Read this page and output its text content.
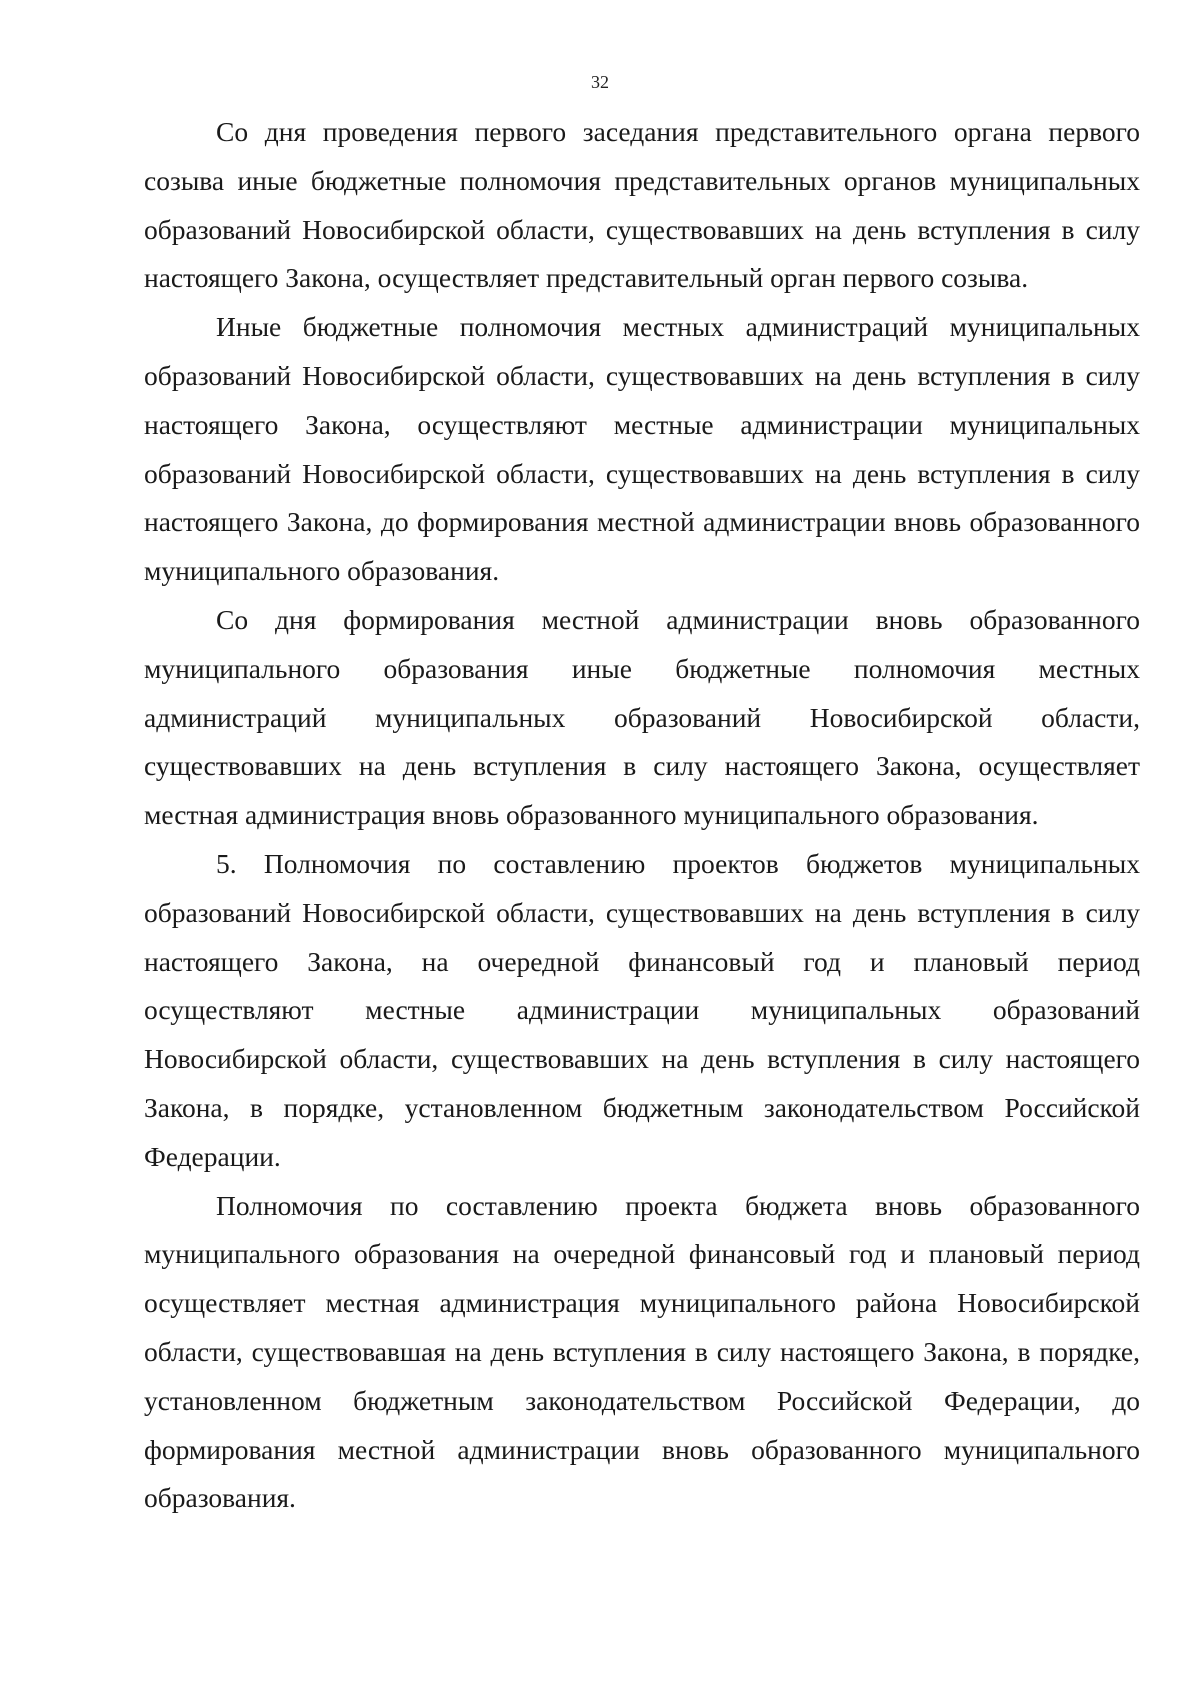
32

Со дня проведения первого заседания представительного органа первого созыва иные бюджетные полномочия представительных органов муниципальных образований Новосибирской области, существовавших на день вступления в силу настоящего Закона, осуществляет представительный орган первого созыва.

Иные бюджетные полномочия местных администраций муниципальных образований Новосибирской области, существовавших на день вступления в силу настоящего Закона, осуществляют местные администрации муниципальных образований Новосибирской области, существовавших на день вступления в силу настоящего Закона, до формирования местной администрации вновь образованного муниципального образования.

Со дня формирования местной администрации вновь образованного муниципального образования иные бюджетные полномочия местных администраций муниципальных образований Новосибирской области, существовавших на день вступления в силу настоящего Закона, осуществляет местная администрация вновь образованного муниципального образования.

5. Полномочия по составлению проектов бюджетов муниципальных образований Новосибирской области, существовавших на день вступления в силу настоящего Закона, на очередной финансовый год и плановый период осуществляют местные администрации муниципальных образований Новосибирской области, существовавших на день вступления в силу настоящего Закона, в порядке, установленном бюджетным законодательством Российской Федерации.

Полномочия по составлению проекта бюджета вновь образованного муниципального образования на очередной финансовый год и плановый период осуществляет местная администрация муниципального района Новосибирской области, существовавшая на день вступления в силу настоящего Закона, в порядке, установленном бюджетным законодательством Российской Федерации, до формирования местной администрации вновь образованного муниципального образования.
